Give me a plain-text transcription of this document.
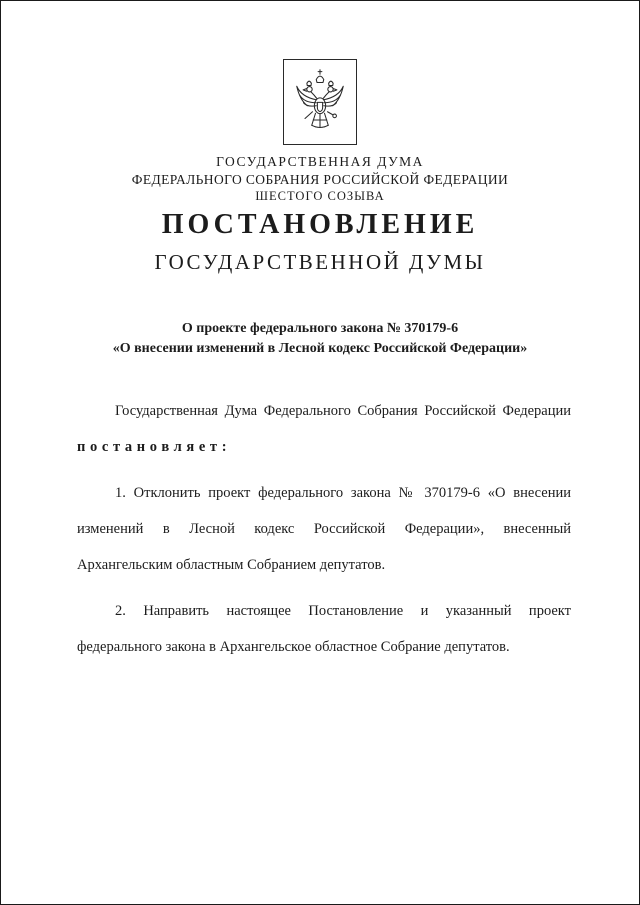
ГОСУДАРСТВЕННАЯ ДУМА
ФЕДЕРАЛЬНОГО СОБРАНИЯ РОССИЙСКОЙ ФЕДЕРАЦИИ
ШЕСТОГО СОЗЫВА
ПОСТАНОВЛЕНИЕ
ГОСУДАРСТВЕННОЙ ДУМЫ
О проекте федерального закона № 370179-6
«О внесении изменений в Лесной кодекс Российской Федерации»

Государственная Дума Федерального Собрания Российской Федерации постановляет:

1. Отклонить проект федерального закона № 370179-6 «О внесении изменений в Лесной кодекс Российской Федерации», внесенный Архангельским областным Собранием депутатов.

2. Направить настоящее Постановление и указанный проект федерального закона в Архангельское областное Собрание депутатов.
